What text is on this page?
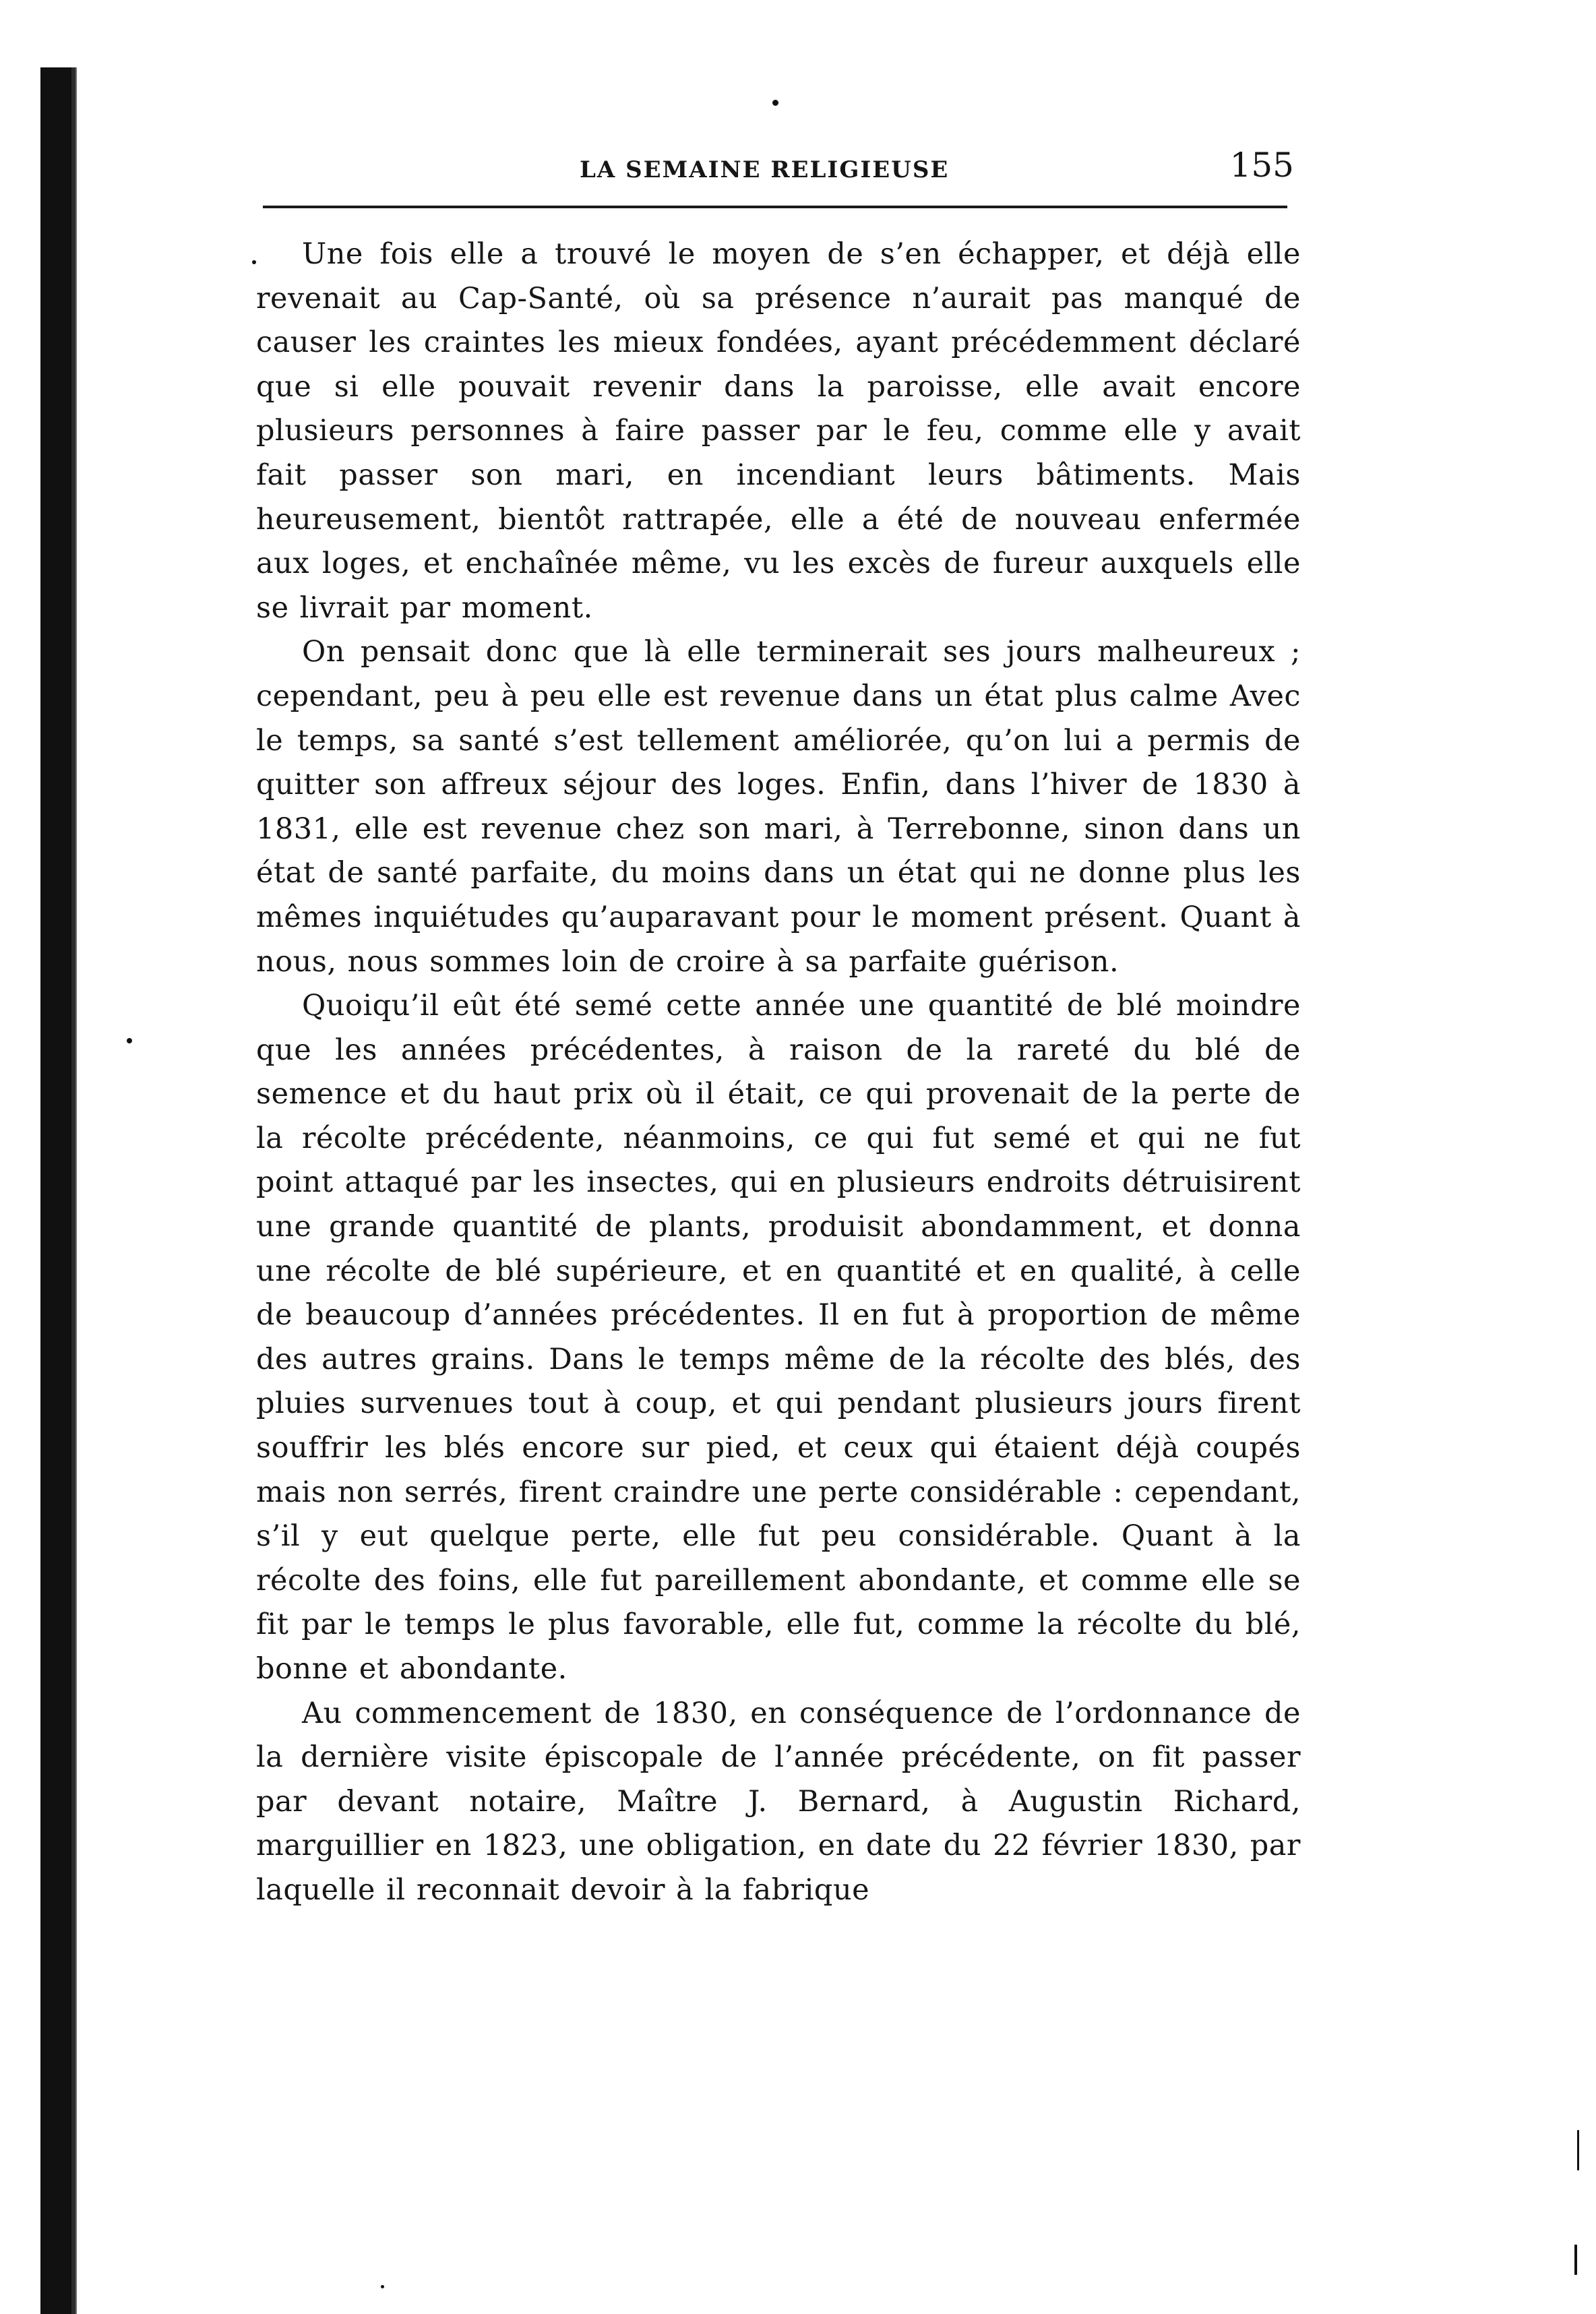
LA SEMAINE RELIGIEUSE	155

Une fois elle a trouvé le moyen de s’en échapper, et déjà elle revenait au Cap-Santé, où sa présence n’aurait pas manqué de causer les craintes les mieux fondées, ayant précédemment déclaré que si elle pouvait revenir dans la paroisse, elle avait encore plusieurs personnes à faire passer par le feu, comme elle y avait fait passer son mari, en incendiant leurs bâtiments. Mais heureusement, bientôt rattrapée, elle a été de nouveau enfermée aux loges, et enchaînée même, vu les excès de fureur auxquels elle se livrait par moment.

On pensait donc que là elle terminerait ses jours malheureux ; cependant, peu à peu elle est revenue dans un état plus calme Avec le temps, sa santé s’est tellement améliorée, qu’on lui a permis de quitter son affreux séjour des loges. Enfin, dans l’hiver de 1830 à 1831, elle est revenue chez son mari, à Terrebonne, sinon dans un état de santé parfaite, du moins dans un état qui ne donne plus les mêmes inquiétudes qu’auparavant pour le moment présent. Quant à nous, nous sommes loin de croire à sa parfaite guérison.

Quoiqu’il eût été semé cette année une quantité de blé moindre que les années précédentes, à raison de la rareté du blé de semence et du haut prix où il était, ce qui provenait de la perte de la récolte précédente, néanmoins, ce qui fut semé et qui ne fut point attaqué par les insectes, qui en plusieurs endroits détruisirent une grande quantité de plants, produisit abondamment, et donna une récolte de blé supérieure, et en quantité et en qualité, à celle de beaucoup d’années précédentes. Il en fut à proportion de même des autres grains. Dans le temps même de la récolte des blés, des pluies survenues tout à coup, et qui pendant plusieurs jours firent souffrir les blés encore sur pied, et ceux qui étaient déjà coupés mais non serrés, firent craindre une perte considérable : cependant, s’il y eut quelque perte, elle fut peu considérable. Quant à la récolte des foins, elle fut pareillement abondante, et comme elle se fit par le temps le plus favorable, elle fut, comme la récolte du blé, bonne et abondante.

Au commencement de 1830, en conséquence de l’ordonnance de la dernière visite épiscopale de l’année précédente, on fit passer par devant notaire, Maître J. Bernard, à Augustin Richard, marguillier en 1823, une obligation, en date du 22 février 1830, par laquelle il reconnait devoir à la fabrique
